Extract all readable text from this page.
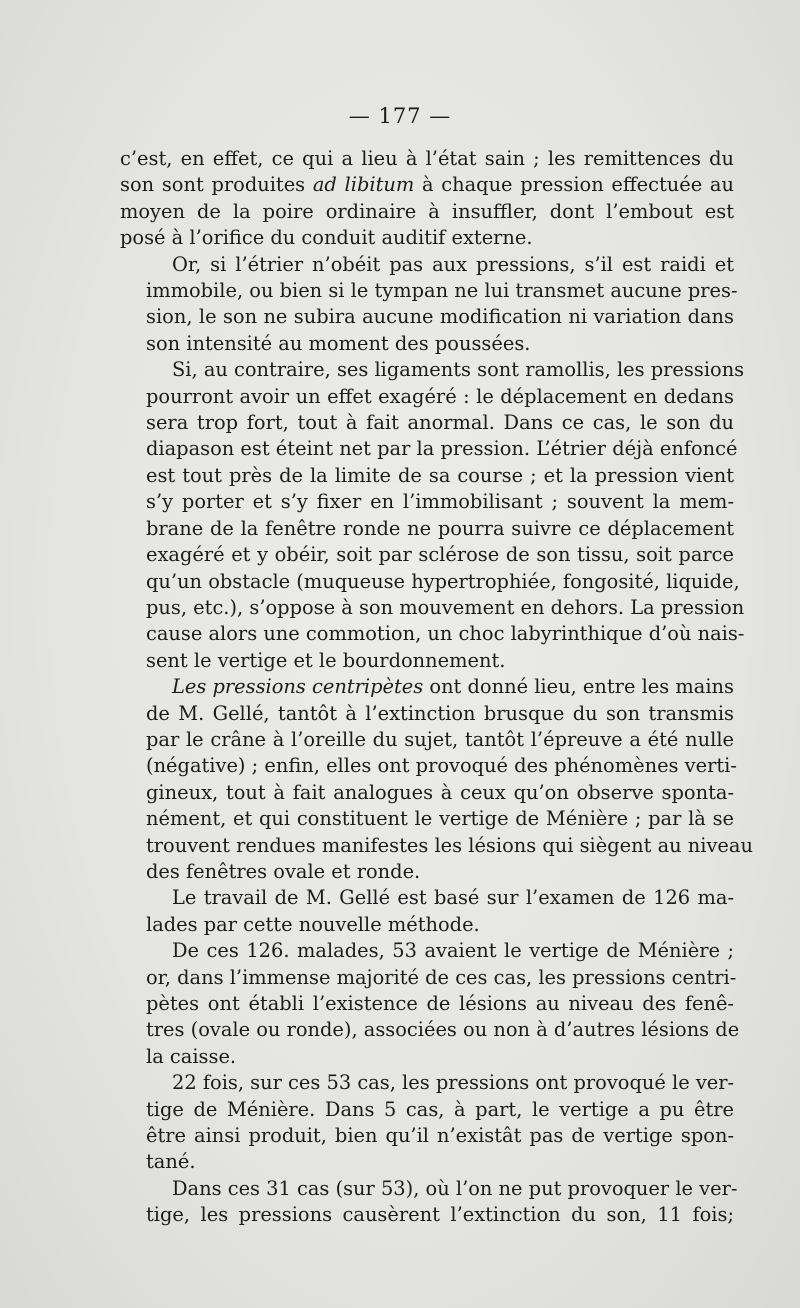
— 177 —
c’est, en effet, ce qui a lieu à l’état sain ; les remittences du
son sont produites ad libitum à chaque pression effectuée au
moyen de la poire ordinaire à insuffler, dont l’embout est
posé à l’orifice du conduit auditif externe.
Or, si l’étrier n’obéit pas aux pressions, s’il est raidi et
immobile, ou bien si le tympan ne lui transmet aucune pres-
sion, le son ne subira aucune modification ni variation dans
son intensité au moment des poussées.
Si, au contraire, ses ligaments sont ramollis, les pressions
pourront avoir un effet exagéré : le déplacement en dedans
sera trop fort, tout à fait anormal. Dans ce cas, le son du
diapason est éteint net par la pression. L’étrier déjà enfoncé
est tout près de la limite de sa course ; et la pression vient
s’y porter et s’y fixer en l’immobilisant ; souvent la mem-
brane de la fenêtre ronde ne pourra suivre ce déplacement
exagéré et y obéir, soit par sclérose de son tissu, soit parce
qu’un obstacle (muqueuse hypertrophiée, fongosité, liquide,
pus, etc.), s’oppose à son mouvement en dehors. La pression
cause alors une commotion, un choc labyrinthique d’où nais-
sent le vertige et le bourdonnement.
Les pressions centripètes ont donné lieu, entre les mains
de M. Gellé, tantôt à l’extinction brusque du son transmis
par le crâne à l’oreille du sujet, tantôt l’épreuve a été nulle
(négative) ; enfin, elles ont provoqué des phénomènes verti-
gineux, tout à fait analogues à ceux qu’on observe sponta-
nément, et qui constituent le vertige de Ménière ; par là se
trouvent rendues manifestes les lésions qui siègent au niveau
des fenêtres ovale et ronde.
Le travail de M. Gellé est basé sur l’examen de 126 ma-
lades par cette nouvelle méthode.
De ces 126. malades, 53 avaient le vertige de Ménière ;
or, dans l’immense majorité de ces cas, les pressions centri-
pètes ont établi l’existence de lésions au niveau des fenê-
tres (ovale ou ronde), associées ou non à d’autres lésions de
la caisse.
22 fois, sur ces 53 cas, les pressions ont provoqué le ver-
tige de Ménière. Dans 5 cas, à part, le vertige a pu être
être ainsi produit, bien qu’il n’existât pas de vertige spon-
tané.
Dans ces 31 cas (sur 53), où l’on ne put provoquer le ver-
tige, les pressions causèrent l’extinction du son, 11 fois;
